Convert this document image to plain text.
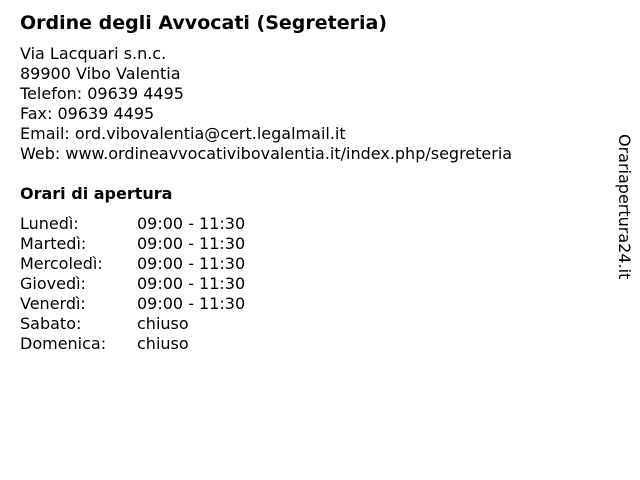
Ordine degli Avvocati (Segreteria)
Via Lacquari s.n.c.
89900 Vibo Valentia
Telefon: 09639 4495
Fax: 09639 4495
Email: ord.vibovalentia@cert.legalmail.it
Web: www.ordineavvocativibovalentia.it/index.php/segreteria
Orari di apertura
Lunedì:	09:00 - 11:30
Martedì:	09:00 - 11:30
Mercoledì:	09:00 - 11:30
Giovedì:	09:00 - 11:30
Venerdì:	09:00 - 11:30
Sabato:	chiuso
Domenica:	chiuso
Orariapertura24.it
